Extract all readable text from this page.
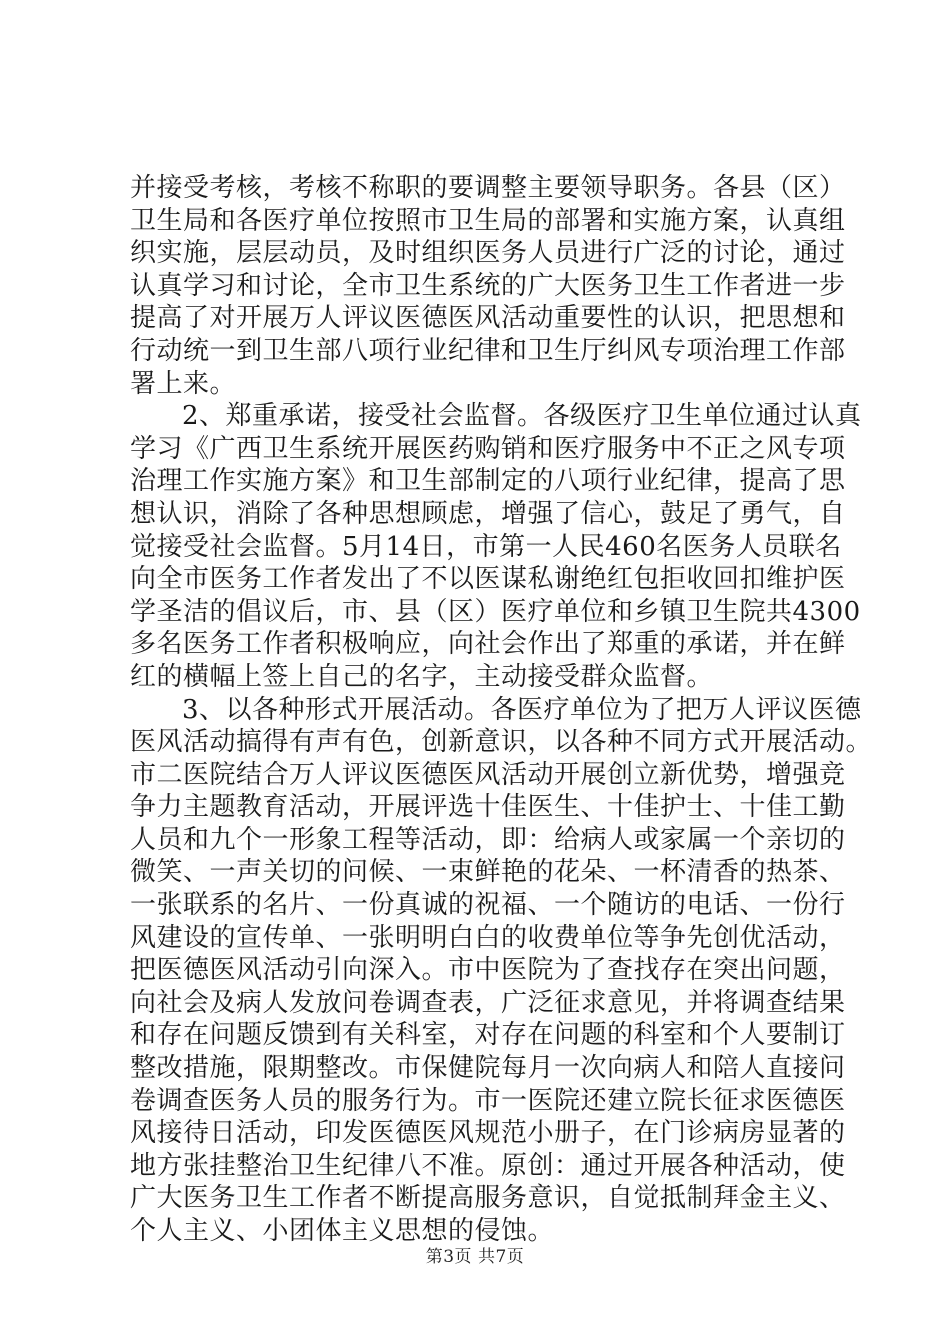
并接受考核，考核不称职的要调整主要领导职务。各县（区）
卫生局和各医疗单位按照市卫生局的部署和实施方案，认真组
织实施，层层动员，及时组织医务人员进行广泛的讨论，通过
认真学习和讨论，全市卫生系统的广大医务卫生工作者进一步
提高了对开展万人评议医德医风活动重要性的认识，把思想和
行动统一到卫生部八项行业纪律和卫生厅纠风专项治理工作部
署上来。
2、郑重承诺，接受社会监督。各级医疗卫生单位通过认真
学习《广西卫生系统开展医药购销和医疗服务中不正之风专项
治理工作实施方案》和卫生部制定的八项行业纪律，提高了思
想认识，消除了各种思想顾虑，增强了信心，鼓足了勇气，自
觉接受社会监督。5月14日，市第一人民460名医务人员联名
向全市医务工作者发出了不以医谋私谢绝红包拒收回扣维护医
学圣洁的倡议后，市、县（区）医疗单位和乡镇卫生院共4300
多名医务工作者积极响应，向社会作出了郑重的承诺，并在鲜
红的横幅上签上自己的名字，主动接受群众监督。
3、以各种形式开展活动。各医疗单位为了把万人评议医德
医风活动搞得有声有色，创新意识，以各种不同方式开展活动。
市二医院结合万人评议医德医风活动开展创立新优势，增强竞
争力主题教育活动，开展评选十佳医生、十佳护士、十佳工勤
人员和九个一形象工程等活动，即：给病人或家属一个亲切的
微笑、一声关切的问候、一束鲜艳的花朵、一杯清香的热茶、
一张联系的名片、一份真诚的祝福、一个随访的电话、一份行
风建设的宣传单、一张明明白白的收费单位等争先创优活动，
把医德医风活动引向深入。市中医院为了查找存在突出问题，
向社会及病人发放问卷调查表，广泛征求意见，并将调查结果
和存在问题反馈到有关科室，对存在问题的科室和个人要制订
整改措施，限期整改。市保健院每月一次向病人和陪人直接问
卷调查医务人员的服务行为。市一医院还建立院长征求医德医
风接待日活动，印发医德医风规范小册子，在门诊病房显著的
地方张挂整治卫生纪律八不准。原创：通过开展各种活动，使
广大医务卫生工作者不断提高服务意识，自觉抵制拜金主义、
个人主义、小团体主义思想的侵蚀。
第3页 共7页
